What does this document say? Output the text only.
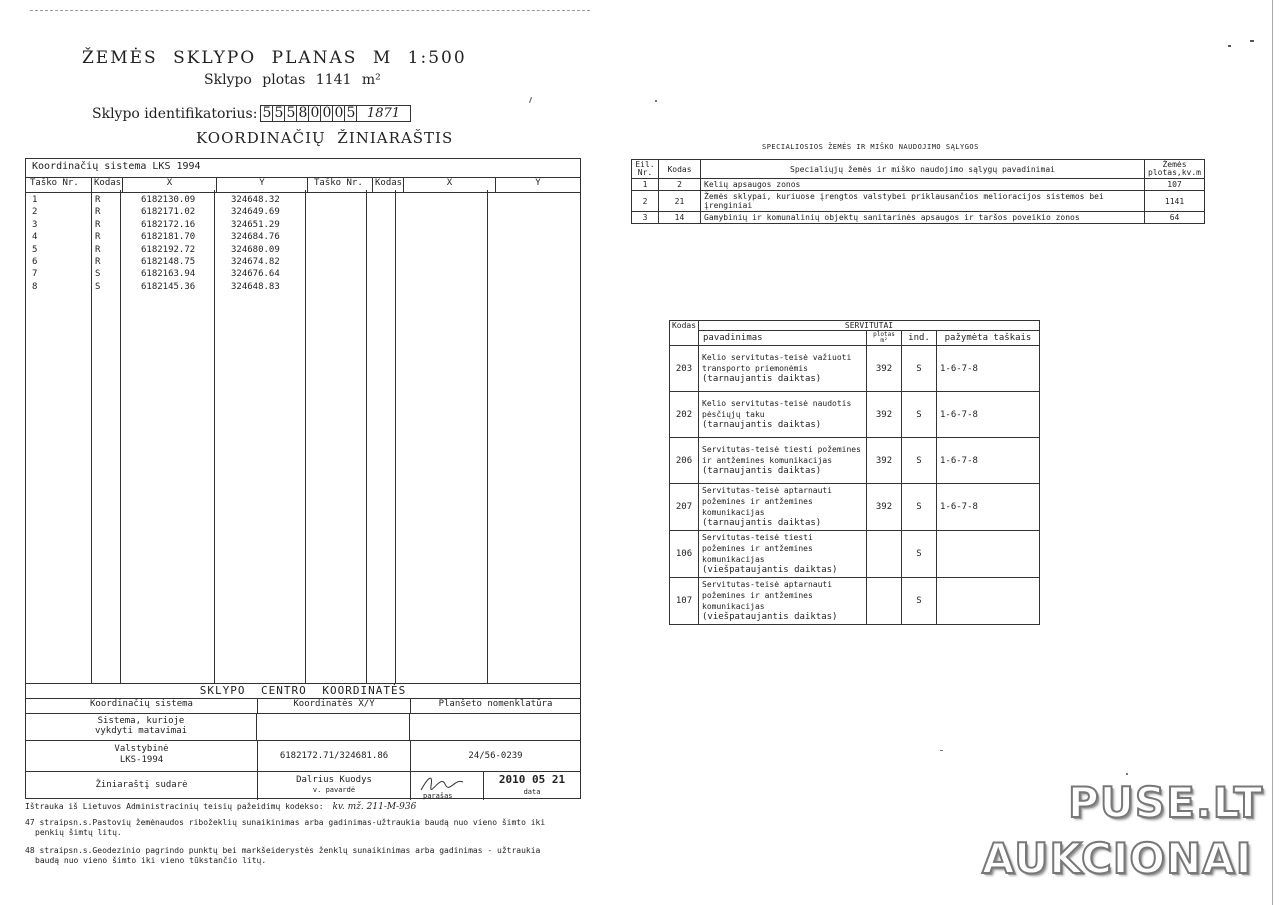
ŽEMĖS SKLYPO PLANAS M 1:500
Sklypo plotas 1141 m²
Sklypo identifikatorius: 5 5 5 8 0 0 0 5 1871
KOORDINAČIŲ ŽINIARAŠTIS
Koordinačių sistema LKS 1994
Taško Nr.	Kodas	X	Y	Taško Nr.	Kodas	X	Y
1	R	6182130.09	324648.32
2	R	6182171.02	324649.69
3	R	6182172.16	324651.29
4	R	6182181.70	324684.76
5	R	6182192.72	324680.09
6	R	6182148.75	324674.82
7	S	6182163.94	324676.64
8	S	6182145.36	324648.83
SKLYPO CENTRO KOORDINATĖS
Koordinačių sistema	Koordinatės X/Y	Planšeto nomenklatūra
Sistema, kurioje vykdyti matavimai
Valstybinė
LKS-1994	6182172.71/324681.86	24/56-0239
Žiniaraštį sudarė	Dalrius Kuodys
v. pavardė
parašas
2010 05 21
data
Ištrauka iš Lietuvos Administracinių teisių pažeidimų kodekso: kv. mž. 211-M-936
47 straipsn.s.Pastovių žemėnaudos ribožeklių sunaikinimas arba gadinimas-užtraukia baudą nuo vieno šimto iki
penkių šimtų litų.
48 straipsn.s.Geodezinio pagrindo punktų bei markšeiderystės ženklų sunaikinimas arba gadinimas - užtraukia
baudą nuo vieno šimto iki vieno tūkstančio litų.
SPECIALIOSIOS ŽEMĖS IR MIŠKO NAUDOJIMO SĄLYGOS
Eil. Nr.	Kodas	Specialiųjų žemės ir miško naudojimo sąlygų pavadinimai	Žemės plotas,kv.m
1	2	Kelių apsaugos zonos	107
2	21	Žemės sklypai, kuriuose įrengtos valstybei priklausančios melioracijos sistemos bei įrenginiai	1141
3	14	Gamybinių ir komunalinių objektų sanitarinės apsaugos ir taršos poveikio zonos	64
Kodas	SERVITUTAI			
	pavadinimas	plotas m²	ind.	pažymėta taškais
203	Kelio servitutas-teisė važiuoti
transporto priemonėmis
(tarnaujantis daiktas)	392	S	1-6-7-8
202	Kelio servitutas-teisė naudotis
pėsčiųjų taku
(tarnaujantis daiktas)	392	S	1-6-7-8
206	Servitutas-teisė tiesti požemines
ir antžemines komunikacijas
(tarnaujantis daiktas)	392	S	1-6-7-8
207	Servitutas-teisė aptarnauti
požemines ir antžemines
komunikacijas
(tarnaujantis daiktas)	392	S	1-6-7-8
106	Servitutas-teisė tiesti
požemines ir antžemines
komunikacijas
(viešpataujantis daiktas)		S	
107	Servitutas-teisė aptarnauti
požemines ir antžemines
komunikacijas
(viešpataujantis daiktas)		S	
PUSE.LT
AUKCIONAI
